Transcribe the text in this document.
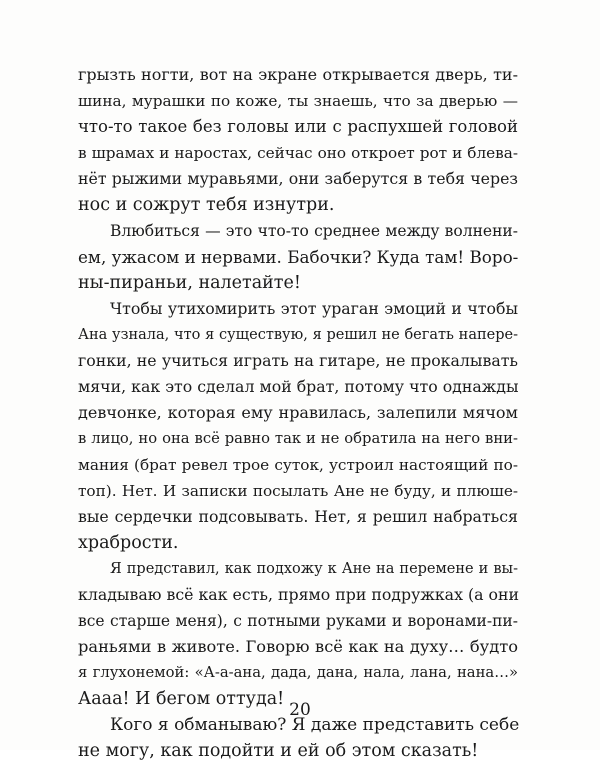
грызть ногти, вот на экране открывается дверь, ти-
шина, мурашки по коже, ты знаешь, что за дверью —
что-то такое без головы или с распухшей головой
в шрамах и наростах, сейчас оно откроет рот и блева-
нёт рыжими муравьями, они заберутся в тебя через
нос и сожрут тебя изнутри.
Влюбиться — это что-то среднее между волнени-
ем, ужасом и нервами. Бабочки? Куда там! Воро-
ны-пираньи, налетайте!
Чтобы утихомирить этот ураган эмоций и чтобы
Ана узнала, что я существую, я решил не бегать напере-
гонки, не учиться играть на гитаре, не прокалывать
мячи, как это сделал мой брат, потому что однажды
девчонке, которая ему нравилась, залепили мячом
в лицо, но она всё равно так и не обратила на него вни-
мания (брат ревел трое суток, устроил настоящий по-
топ). Нет. И записки посылать Ане не буду, и плюше-
вые сердечки подсовывать. Нет, я решил набраться
храбрости.
Я представил, как подхожу к Ане на перемене и вы-
кладываю всё как есть, прямо при подружках (а они
все старше меня), с потными руками и воронами-пи-
раньями в животе. Говорю всё как на духу… будто
я глухонемой: «А-а-ана, дада, дана, нала, лана, нана…»
Аааа! И бегом оттуда!
Кого я обманываю? Я даже представить себе
не могу, как подойти и ей об этом сказать!
20
